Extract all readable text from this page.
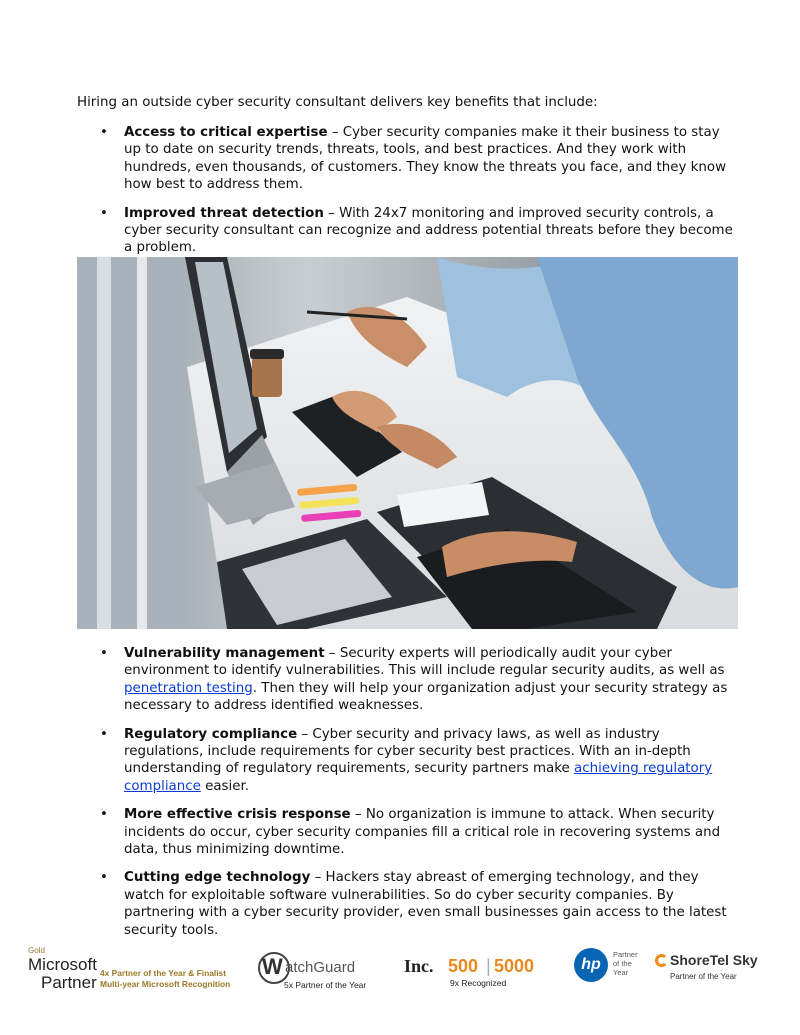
Hiring an outside cyber security consultant delivers key benefits that include:
• Access to critical expertise – Cyber security companies make it their business to stay up to date on security trends, threats, tools, and best practices. And they work with hundreds, even thousands, of customers. They know the threats you face, and they know how best to address them.
• Improved threat detection – With 24x7 monitoring and improved security controls, a cyber security consultant can recognize and address potential threats before they become a problem.
• Vulnerability management – Security experts will periodically audit your cyber environment to identify vulnerabilities. This will include regular security audits, as well as penetration testing. Then they will help your organization adjust your security strategy as necessary to address identified weaknesses.
• Regulatory compliance – Cyber security and privacy laws, as well as industry regulations, include requirements for cyber security best practices. With an in-depth understanding of regulatory requirements, security partners make achieving regulatory compliance easier.
• More effective crisis response – No organization is immune to attack. When security incidents do occur, cyber security companies fill a critical role in recovering systems and data, thus minimizing downtime.
• Cutting edge technology – Hackers stay abreast of emerging technology, and they watch for exploitable software vulnerabilities. So do cyber security companies. By partnering with a cyber security provider, even small businesses gain access to the latest security tools.
Gold
Microsoft
Partner 4x Partner of the Year & Finalist
Multi-year Microsoft Recognition
W atchGuard
5x Partner of the Year
Inc. 500 | 5000
9x Recognized
hp
Partner
of the
Year
ShoreTel Sky
Partner of the Year
